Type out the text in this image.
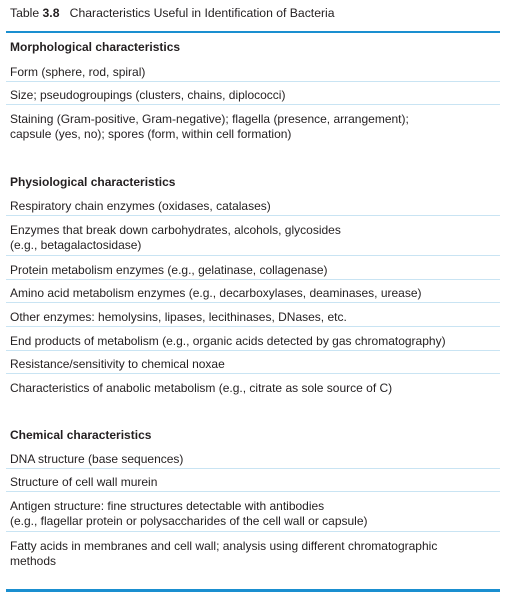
Table 3.8 Characteristics Useful in Identification of Bacteria
Morphological characteristics
Form (sphere, rod, spiral)
Size; pseudogroupings (clusters, chains, diplococci)
Staining (Gram-positive, Gram-negative); flagella (presence, arrangement);
capsule (yes, no); spores (form, within cell formation)
Physiological characteristics
Respiratory chain enzymes (oxidases, catalases)
Enzymes that break down carbohydrates, alcohols, glycosides
(e.g., betagalactosidase)
Protein metabolism enzymes (e.g., gelatinase, collagenase)
Amino acid metabolism enzymes (e.g., decarboxylases, deaminases, urease)
Other enzymes: hemolysins, lipases, lecithinases, DNases, etc.
End products of metabolism (e.g., organic acids detected by gas chromatography)
Resistance/sensitivity to chemical noxae
Characteristics of anabolic metabolism (e.g., citrate as sole source of C)
Chemical characteristics
DNA structure (base sequences)
Structure of cell wall murein
Antigen structure: fine structures detectable with antibodies
(e.g., flagellar protein or polysaccharides of the cell wall or capsule)
Fatty acids in membranes and cell wall; analysis using different chromatographic
methods
